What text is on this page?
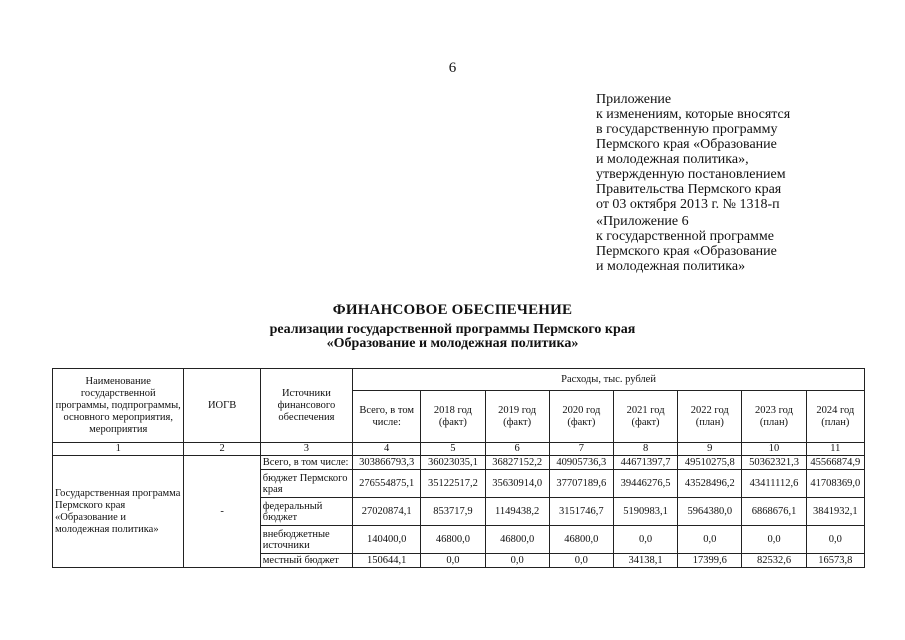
6
Приложение
к изменениям, которые вносятся
в государственную программу
Пермского края «Образование
и молодежная политика»,
утвержденную постановлением
Правительства Пермского края
от 03 октября 2013 г. № 1318-п
«Приложение 6
к государственной программе
Пермского края «Образование
и молодежная политика»
ФИНАНСОВОЕ ОБЕСПЕЧЕНИЕ
реализации государственной программы Пермского края
«Образование и молодежная политика»
Наименование государственной программы, подпрограммы, основного мероприятия, мероприятия	ИОГВ	Источники финансового обеспечения	Расходы, тыс. рублей							
			Всего, в том числе:	2018 год (факт)	2019 год (факт)	2020 год (факт)	2021 год (факт)	2022 год (план)	2023 год (план)	2024 год (план)
1	2	3	4	5	6	7	8	9	10	11
Государственная программа Пермского края «Образование и молодежная политика»	-	Всего, в том числе:	303866793,3	36023035,1	36827152,2	40905736,3	44671397,7	49510275,8	50362321,3	45566874,9
		бюджет Пермского края	276554875,1	35122517,2	35630914,0	37707189,6	39446276,5	43528496,2	43411112,6	41708369,0
		федеральный бюджет	27020874,1	853717,9	1149438,2	3151746,7	5190983,1	5964380,0	6868676,1	3841932,1
		внебюджетные источники	140400,0	46800,0	46800,0	46800,0	0,0	0,0	0,0	0,0
		местный бюджет	150644,1	0,0	0,0	0,0	34138,1	17399,6	82532,6	16573,8
